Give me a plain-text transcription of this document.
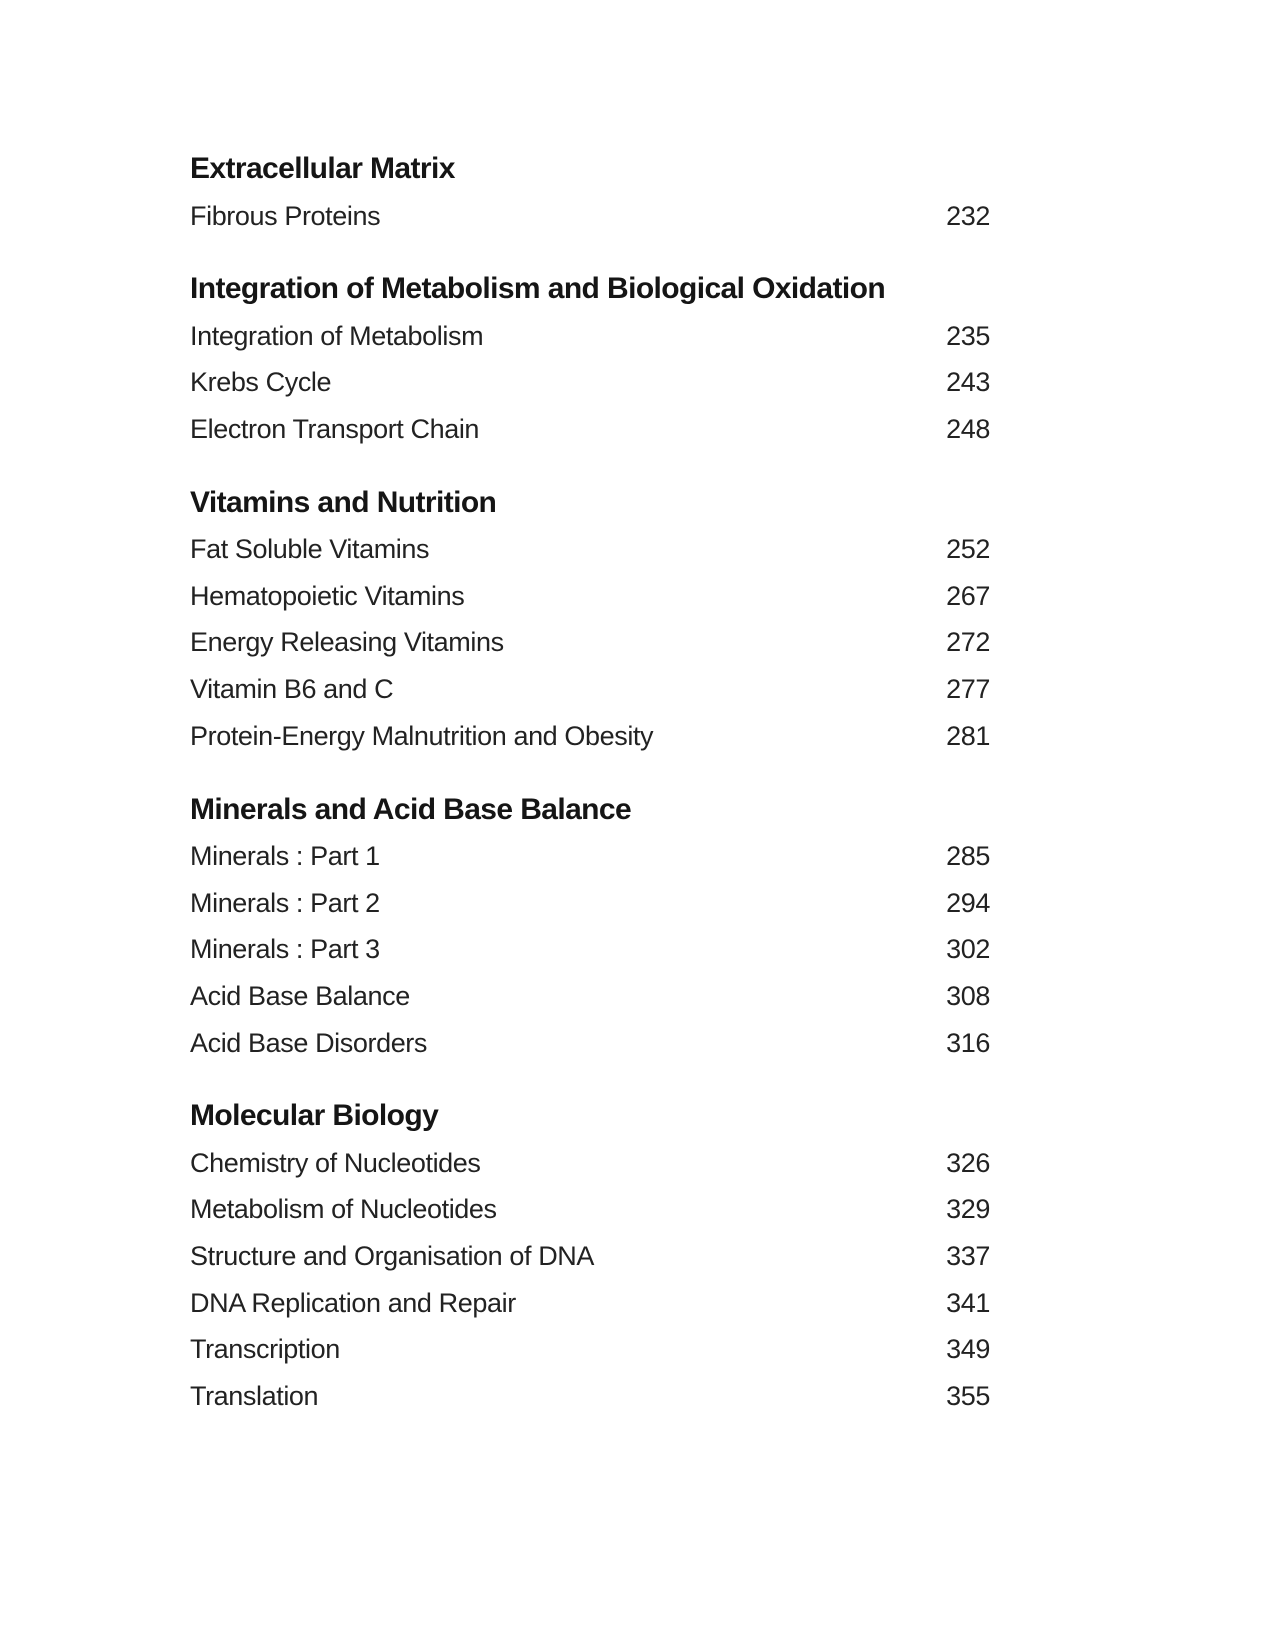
Extracellular Matrix
Fibrous Proteins	232
Integration of Metabolism and Biological Oxidation
Integration of Metabolism	235
Krebs Cycle	243
Electron Transport Chain	248
Vitamins and Nutrition
Fat Soluble Vitamins	252
Hematopoietic Vitamins	267
Energy Releasing Vitamins	272
Vitamin B6 and C	277
Protein-Energy Malnutrition and Obesity	281
Minerals and Acid Base Balance
Minerals : Part 1	285
Minerals : Part 2	294
Minerals : Part 3	302
Acid Base Balance	308
Acid Base Disorders	316
Molecular Biology
Chemistry of Nucleotides	326
Metabolism of Nucleotides	329
Structure and Organisation of DNA	337
DNA Replication and Repair	341
Transcription	349
Translation	355
